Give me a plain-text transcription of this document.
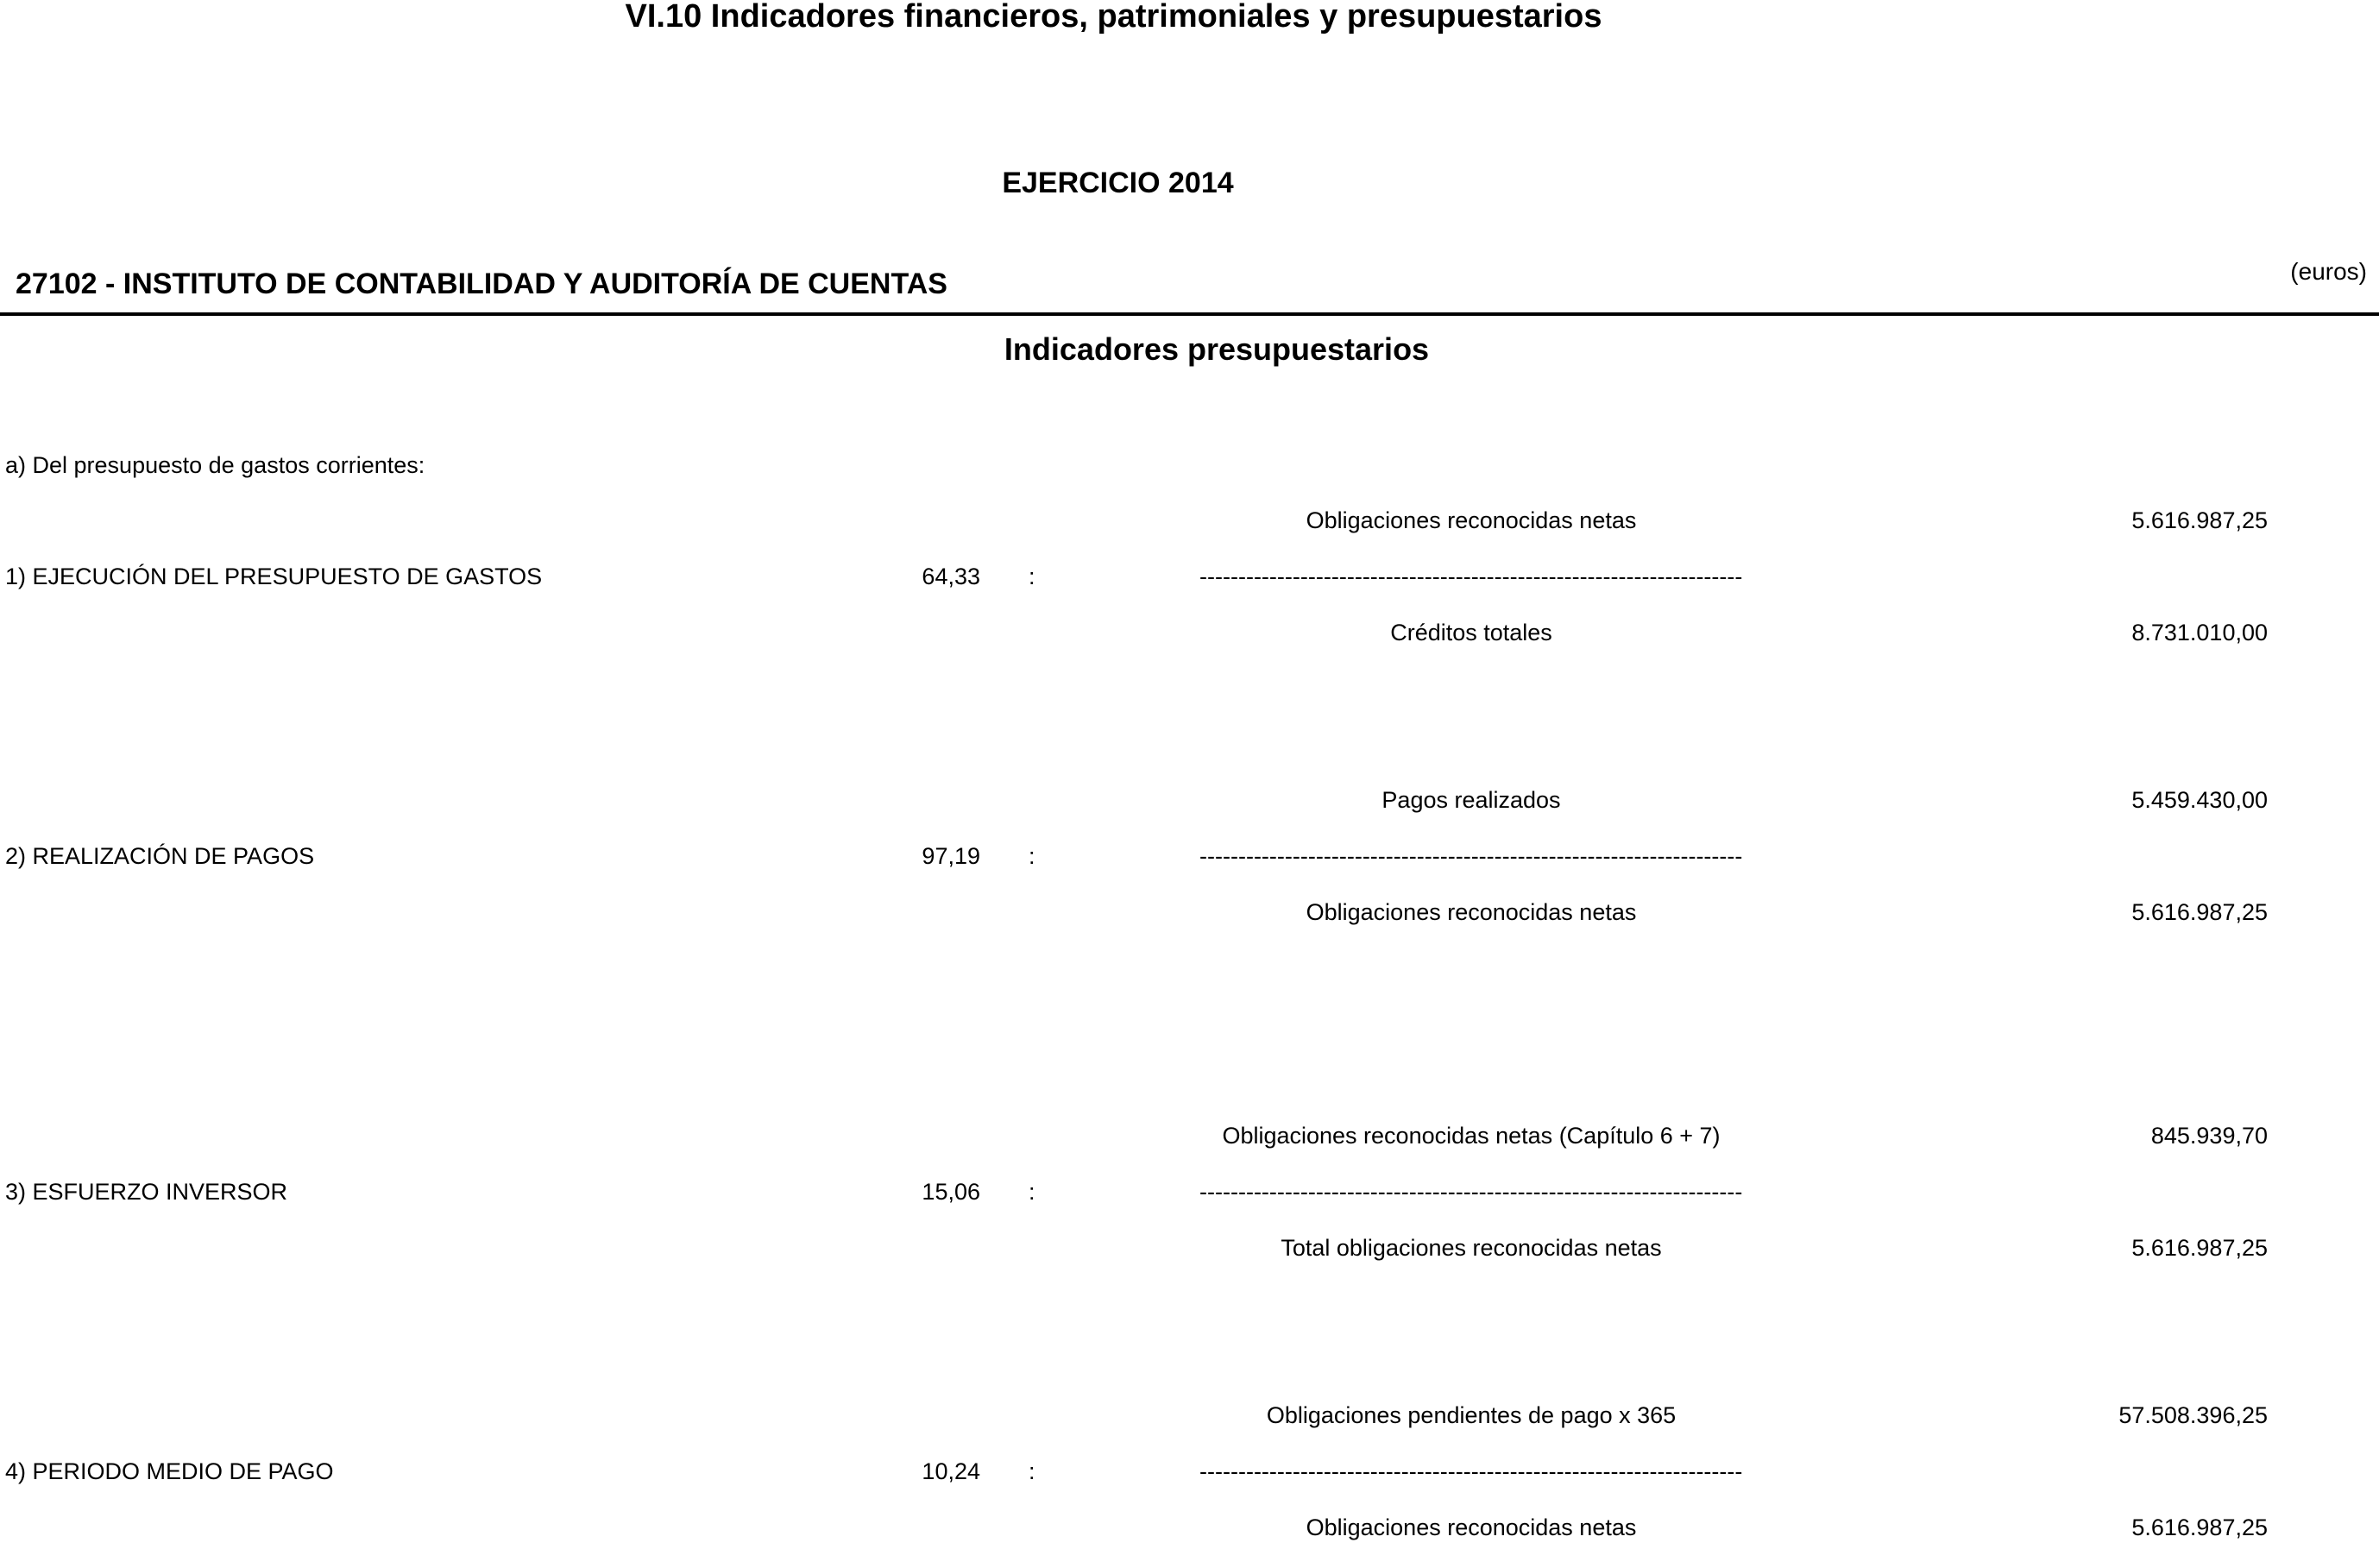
VI.10 Indicadores financieros, patrimoniales y presupuestarios
EJERCICIO 2014
27102 - INSTITUTO DE CONTABILIDAD Y AUDITORÍA DE CUENTAS	(euros)
Indicadores presupuestarios
a) Del presupuesto de gastos corrientes:
Obligaciones reconocidas netas	5.616.987,25
1) EJECUCIÓN DEL PRESUPUESTO DE GASTOS	64,33 :	----------------------------------------------------------------------
Créditos totales	8.731.010,00
Pagos realizados	5.459.430,00
2) REALIZACIÓN DE PAGOS	97,19 :	----------------------------------------------------------------------
Obligaciones reconocidas netas	5.616.987,25
Obligaciones reconocidas netas (Capítulo 6 + 7)	845.939,70
3) ESFUERZO INVERSOR	15,06 :	----------------------------------------------------------------------
Total obligaciones reconocidas netas	5.616.987,25
Obligaciones pendientes de pago x 365	57.508.396,25
4) PERIODO MEDIO DE PAGO	10,24 :	----------------------------------------------------------------------
Obligaciones reconocidas netas	5.616.987,25
